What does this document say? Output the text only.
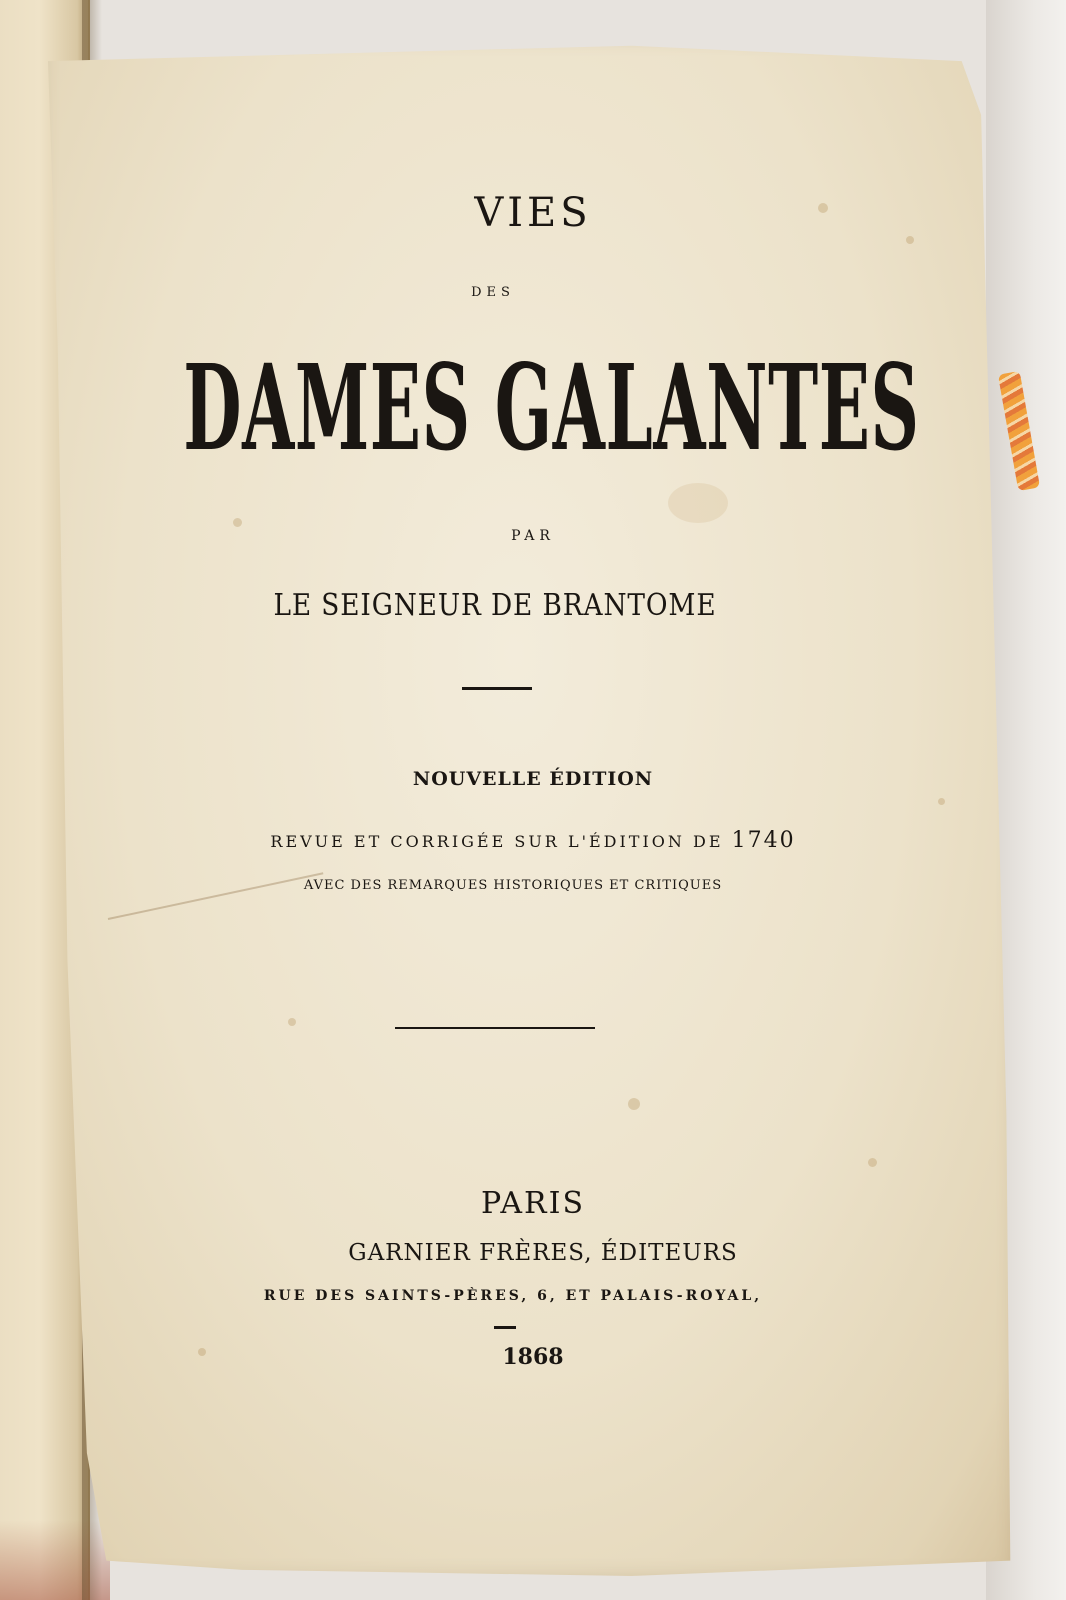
VIES
DES
DAMES GALANTES
PAR
LE SEIGNEUR DE BRANTOME
NOUVELLE ÉDITION
REVUE ET CORRIGÉE SUR L'ÉDITION DE 1740
AVEC DES REMARQUES HISTORIQUES ET CRITIQUES
PARIS
GARNIER FRÈRES, ÉDITEURS
RUE DES SAINTS-PÈRES, 6, ET PALAIS-ROYAL,
1868
